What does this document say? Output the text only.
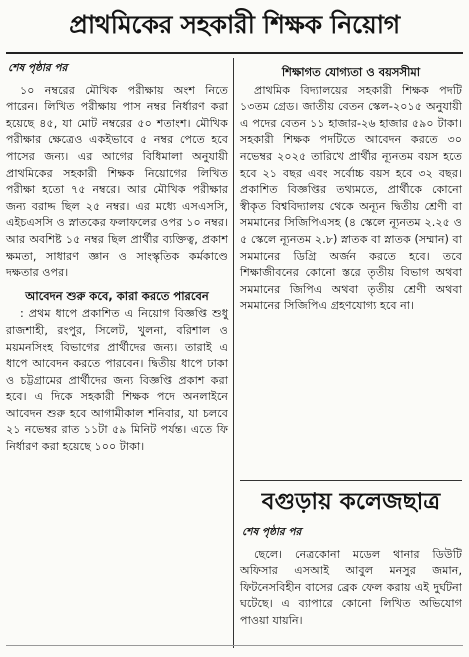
প্রাথমিকের সহকারী শিক্ষক নিয়োগ
শেষ পৃষ্ঠার পর

১০ নম্বরের মৌখিক পরীক্ষায় অংশ নিতে পারেন। লিখিত পরীক্ষায় পাস নম্বর নির্ধারণ করা হয়েছে ৪৫, যা মোট নম্বরের ৫০ শতাংশ। মৌখিক পরীক্ষার ক্ষেত্রেও একইভাবে ৫ নম্বর পেতে হবে পাসের জন্য। এর আগের বিধিমালা অনুযায়ী প্রাথমিকের সহকারী শিক্ষক নিয়োগের লিখিত পরীক্ষা হতো ৭৫ নম্বরে। আর মৌখিক পরীক্ষার জন্য বরাদ্দ ছিল ২৫ নম্বর। এর মধ্যে এসএসসি, এইচএসসি ও স্নাতকের ফলাফলের ওপর ১০ নম্বর। আর অবশিষ্ট ১৫ নম্বর ছিল প্রার্থীর ব্যক্তিত্ব, প্রকাশ ক্ষমতা, সাধারণ জ্ঞান ও সাংস্কৃতিক কর্মকাণ্ডে দক্ষতার ওপর।

আবেদন শুরু কবে, কারা করতে পারবেন

: প্রথম ধাপে প্রকাশিত এ নিয়োগ বিজ্ঞপ্তি শুধু রাজশাহী, রংপুর, সিলেট, খুলনা, বরিশাল ও ময়মনসিংহ বিভাগের প্রার্থীদের জন্য। তারাই এ ধাপে আবেদন করতে পারবেন। দ্বিতীয় ধাপে ঢাকা ও চট্টগ্রামের প্রার্থীদের জন্য বিজ্ঞপ্তি প্রকাশ করা হবে। এ দিকে সহকারী শিক্ষক পদে অনলাইনে আবেদন শুরু হবে আগামীকাল শনিবার, যা চলবে ২১ নভেম্বর রাত ১১টা ৫৯ মিনিট পর্যন্ত। এতে ফি নির্ধারণ করা হয়েছে ১০০ টাকা।

শিক্ষাগত যোগ্যতা ও বয়সসীমা

প্রাথমিক বিদ্যালয়ের সহকারী শিক্ষক পদটি ১৩তম গ্রেড। জাতীয় বেতন স্কেল-২০১৫ অনুযায়ী এ পদের বেতন ১১ হাজার-২৬ হাজার ৫৯০ টাকা। সহকারী শিক্ষক পদটিতে আবেদন করতে ৩০ নভেম্বর ২০২৫ তারিখে প্রার্থীর ন্যূনতম বয়স হতে হবে ২১ বছর এবং সর্বোচ্চ বয়স হবে ৩২ বছর। প্রকাশিত বিজ্ঞপ্তির তথ্যমতে, প্রার্থীকে কোনো স্বীকৃত বিশ্ববিদ্যালয় থেকে অন্যূন দ্বিতীয় শ্রেণী বা সমমানের সিজিপিএসহ (৪ স্কেলে ন্যূনতম ২.২৫ ও ৫ স্কেলে ন্যূনতম ২.৮) স্নাতক বা স্নাতক (সম্মান) বা সমমানের ডিগ্রি অর্জন করতে হবে। তবে শিক্ষাজীবনের কোনো স্তরে তৃতীয় বিভাগ অথবা সমমানের জিপিএ অথবা তৃতীয় শ্রেণী অথবা সমমানের সিজিপিএ গ্রহণযোগ্য হবে না।

বগুড়ায় কলেজছাত্র
শেষ পৃষ্ঠার পর

ছেলে। নেত্রকোনা মডেল থানার ডিউটি অফিসার এসআই আবুল মনসুর জমান, ফিটনেসবিহীন বাসের ব্রেক ফেল করায় এই দুর্ঘটনা ঘটেছে। এ ব্যাপারে কোনো লিখিত অভিযোগ পাওয়া যায়নি।
